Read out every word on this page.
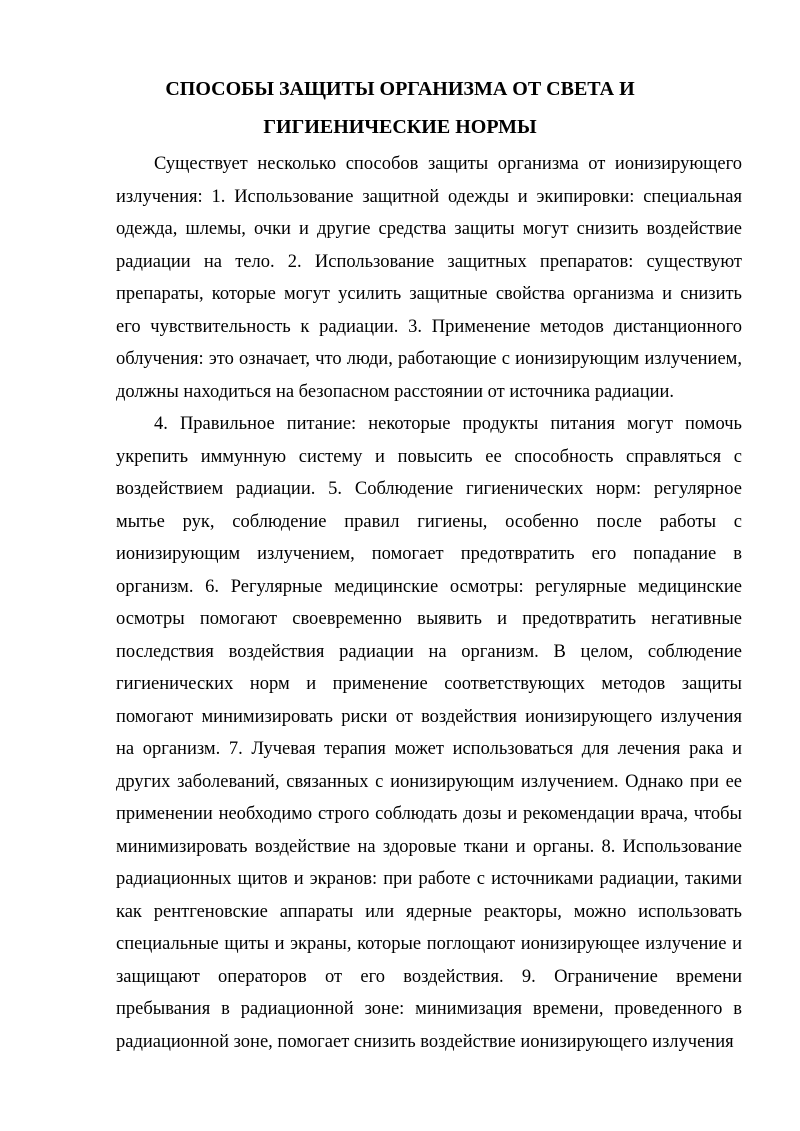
СПОСОБЫ ЗАЩИТЫ ОРГАНИЗМА ОТ СВЕТА И
ГИГИЕНИЧЕСКИЕ НОРМЫ

Существует несколько способов защиты организма от ионизирующего излучения: 1. Использование защитной одежды и экипировки: специальная одежда, шлемы, очки и другие средства защиты могут снизить воздействие радиации на тело. 2. Использование защитных препаратов: существуют препараты, которые могут усилить защитные свойства организма и снизить его чувствительность к радиации. 3. Применение методов дистанционного облучения: это означает, что люди, работающие с ионизирующим излучением, должны находиться на безопасном расстоянии от источника радиации.

4. Правильное питание: некоторые продукты питания могут помочь укрепить иммунную систему и повысить ее способность справляться с воздействием радиации. 5. Соблюдение гигиенических норм: регулярное мытье рук, соблюдение правил гигиены, особенно после работы с ионизирующим излучением, помогает предотвратить его попадание в организм. 6. Регулярные медицинские осмотры: регулярные медицинские осмотры помогают своевременно выявить и предотвратить негативные последствия воздействия радиации на организм. В целом, соблюдение гигиенических норм и применение соответствующих методов защиты помогают минимизировать риски от воздействия ионизирующего излучения на организм. 7. Лучевая терапия может использоваться для лечения рака и других заболеваний, связанных с ионизирующим излучением. Однако при ее применении необходимо строго соблюдать дозы и рекомендации врача, чтобы минимизировать воздействие на здоровые ткани и органы. 8. Использование радиационных щитов и экранов: при работе с источниками радиации, такими как рентгеновские аппараты или ядерные реакторы, можно использовать специальные щиты и экраны, которые поглощают ионизирующее излучение и защищают операторов от его воздействия. 9. Ограничение времени пребывания в радиационной зоне: минимизация времени, проведенного в радиационной зоне, помогает снизить воздействие ионизирующего излучения
